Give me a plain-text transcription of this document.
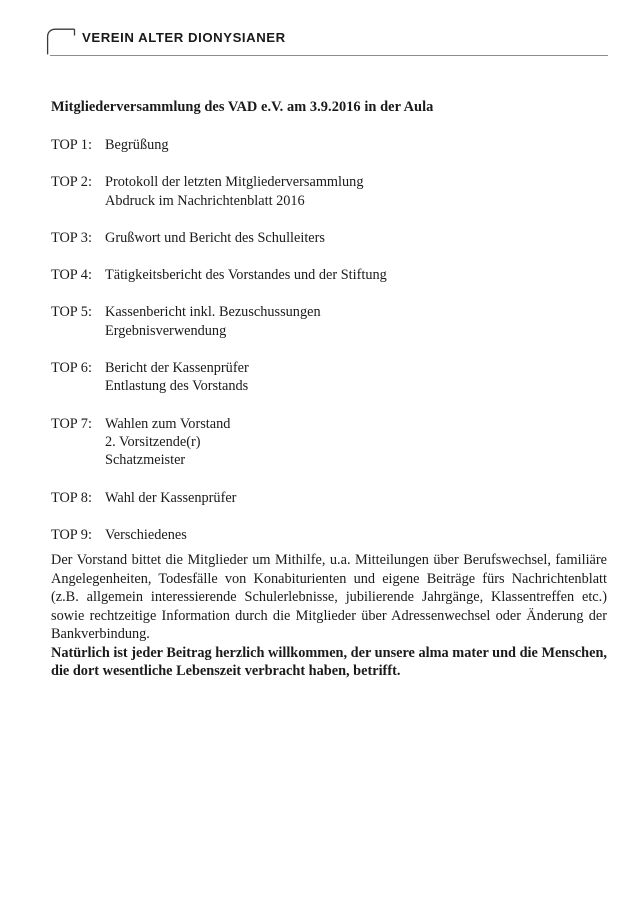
VEREIN ALTER DIONYSIANER
Mitgliederversammlung des VAD e.V. am 3.9.2016 in der Aula
TOP 1: Begrüßung
TOP 2: Protokoll der letzten Mitgliederversammlung
Abdruck im Nachrichtenblatt 2016
TOP 3: Grußwort und Bericht des Schulleiters
TOP 4: Tätigkeitsbericht des Vorstandes und der Stiftung
TOP 5: Kassenbericht inkl. Bezuschussungen
Ergebnisverwendung
TOP 6: Bericht der Kassenprüfer
Entlastung des Vorstands
TOP 7: Wahlen zum Vorstand
2. Vorsitzende(r)
Schatzmeister
TOP 8: Wahl der Kassenprüfer
TOP 9: Verschiedenes

Der Vorstand bittet die Mitglieder um Mithilfe, u.a. Mitteilungen über Berufswechsel, familiäre Angelegenheiten, Todesfälle von Konabiturienten und eigene Beiträge fürs Nachrichtenblatt (z.B. allgemein interessierende Schulerlebnisse, jubilierende Jahrgänge, Klassentreffen etc.) sowie rechtzeitige Information durch die Mitglieder über Adressenwechsel oder Änderung der Bankverbindung.

Natürlich ist jeder Beitrag herzlich willkommen, der unsere alma mater und die Menschen, die dort wesentliche Lebenszeit verbracht haben, betrifft.
